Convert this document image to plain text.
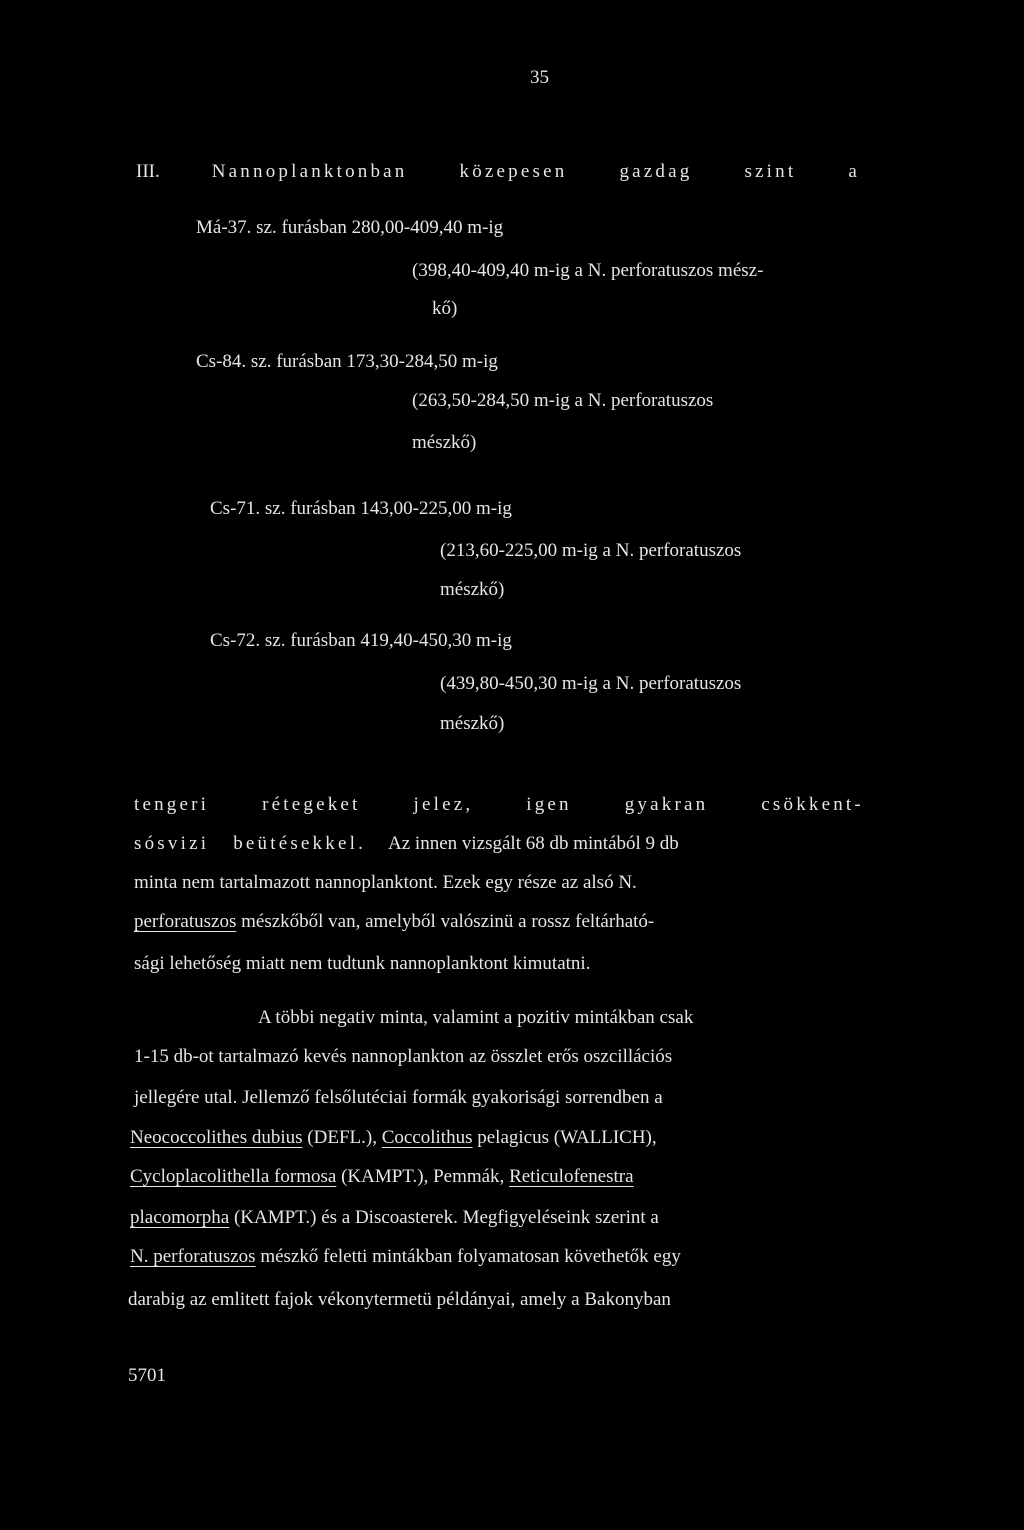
35
III.	Nannoplanktonban	közepesen	gazdag	szint	a
Má-37. sz. furásban 280,00-409,40 m-ig
(398,40-409,40 m-ig a N. perforatuszos mész-
kő)
Cs-84. sz. furásban 173,30-284,50 m-ig
(263,50-284,50 m-ig a N. perforatuszos
mészkő)
Cs-71. sz. furásban 143,00-225,00 m-ig
(213,60-225,00 m-ig a N. perforatuszos
mészkő)
Cs-72. sz. furásban 419,40-450,30 m-ig
(439,80-450,30 m-ig a N. perforatuszos
mészkő)
tengeri	rétegeket	jelez,	igen	gyakran	csökkent-
sósvizi beütésekkel. Az innen vizsgált 68 db mintából 9 db
minta nem tartalmazott nannoplanktont. Ezek egy része az alsó N.
perforatuszos mészkőből van, amelyből valószinü a rossz feltárható-
sági lehetőség miatt nem tudtunk nannoplanktont kimutatni.
A többi negativ minta, valamint a pozitiv mintákban csak
1-15 db-ot tartalmazó kevés nannoplankton az összlet erős oszcillációs
jellegére utal. Jellemző felsőlutéciai formák gyakorisági sorrendben a
Neococcolithes dubius (DEFL.), Coccolithus pelagicus (WALLICH),
Cycloplacolithella formosa (KAMPT.), Pemmák, Reticulofenestra
placomorpha (KAMPT.) és a Discoasterek. Megfigyeléseink szerint a
N. perforatuszos mészkő feletti mintákban folyamatosan követhetők egy
darabig az emlitett fajok vékonytermetü példányai, amely a Bakonyban
5701
